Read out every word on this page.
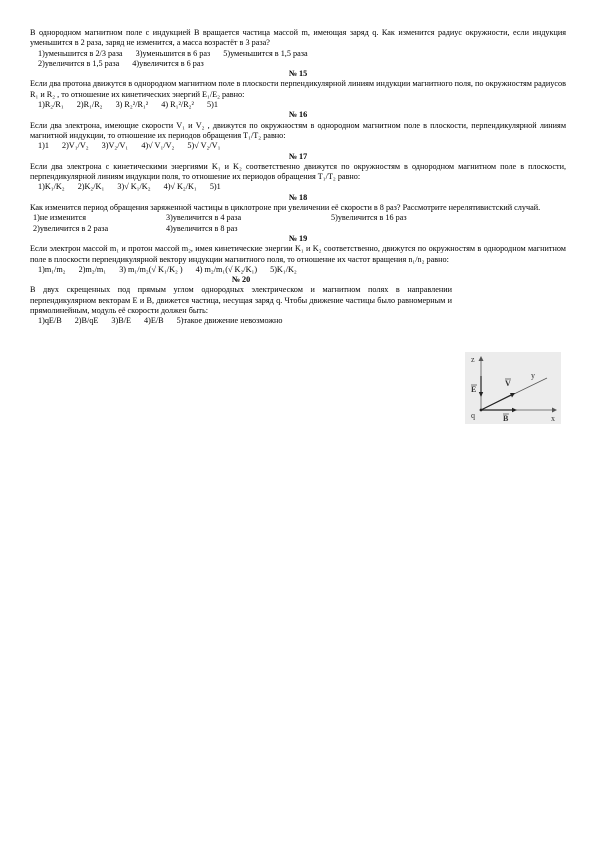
В однородном магнитном поле с индукцией B вращается частица массой m, имеющая заряд q. Как изменится радиус окружности, если индукция уменьшится в 2 раза, заряд не изменится, а масса возрастёт в 3 раза?
1)уменьшится в 2/3 раза 3)уменьшится в 6 раз 5)уменьшится в 1,5 раза
2)увеличится в 1,5 раза 4)увеличится в 6 раз
№ 15
Если два протона движутся в однородном магнитном поле в плоскости перпендикулярной линиям индукции магнитного поля, по окружностям радиусов R₁ и R₂ , то отношение их кинетических энергий E₁/E₂ равно:
1)R₂/R₁ 2)R₁/R₂ 3) R₂²/R₁² 4) R₁²/R₂² 5)1
№ 16
Если два электрона, имеющие скорости V₁ и V₂ , движутся по окружностям в однородном магнитном поле в плоскости, перпендикулярной линиям магнитной индукции, то отношение их периодов обращения T₁/T₂ равно:
1)1 2)V₁/V₂ 3)V₂/V₁ 4)√ V₁/V₂ 5)√ V₂/V₁
№ 17
Если два электрона с кинетическими энергиями K₁ и K₂ соответственно движутся по окружностям в однородном магнитном поле в плоскости, перпендикулярной линиям индукции поля, то отношение их периодов обращения T₁/T₂ равно:
1)K₁/K₂ 2)K₂/K₁ 3)√ K₁/K₂ 4)√ K₂/K₁ 5)1
№ 18
Как изменится период обращения заряженной частицы в циклотроне при увеличении её скорости в 8 раз? Рассмотрите нерелятивистский случай.
1)не изменится	3)увеличится в 4 раза	5)увеличится в 16 раз
2)увеличится в 2 раза	4)увеличится в 8 раз
№ 19
Если электрон массой m₁ и протон массой m₂, имея кинетические энергии K₁ и K₂ соответственно, движутся по окружностям в однородном магнитном поле в плоскости перпендикулярной вектору индукции магнитного поля, то отношение их частот вращения n₁/n₂ равно:
1)m₁/m₂ 2)m₂/m₁ 3) m₁/m₂(√ K₁/K₂ ) 4) m₂/m₁(√ K₂/K₁) 5)K₁/K₂
№ 20
В двух скрещенных под прямым углом однородных электрическом и магнитном полях в направлении перпендикулярном векторам E и B, движется частица, несущая заряд q. Чтобы движение частицы было равномерным и прямолинейным, модуль её скорости должен быть:
1)qE/B 2)B/qE 3)B/E 4)E/B 5)такое движение невозможно
z
x
y
E
V
B
q
